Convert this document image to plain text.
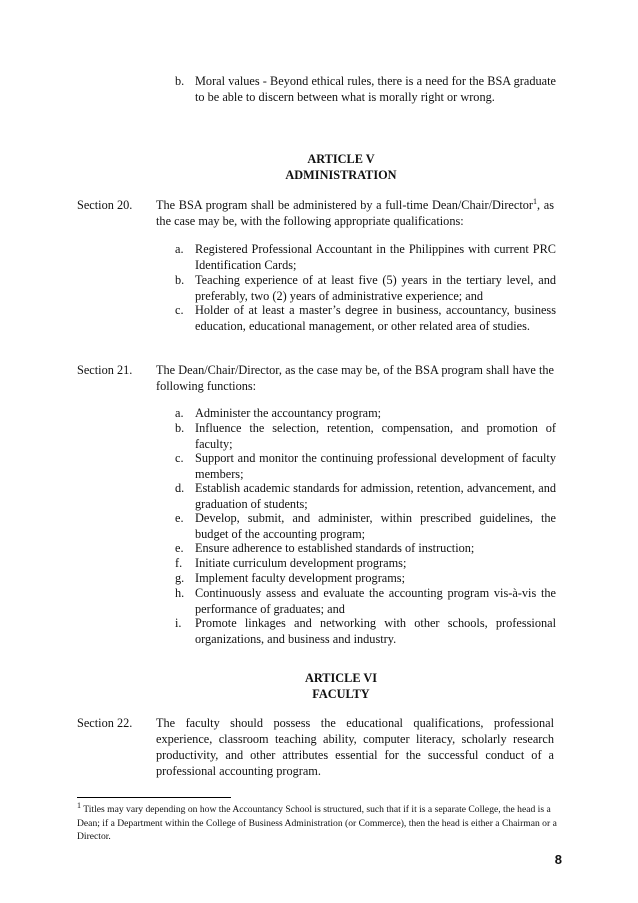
b. Moral values - Beyond ethical rules, there is a need for the BSA graduate to be able to discern between what is morally right or wrong.
ARTICLE V
ADMINISTRATION
Section 20. The BSA program shall be administered by a full-time Dean/Chair/Director$^1$, as the case may be, with the following appropriate qualifications:
a. Registered Professional Accountant in the Philippines with current PRC Identification Cards;
b. Teaching experience of at least five (5) years in the tertiary level, and preferably, two (2) years of administrative experience; and
c. Holder of at least a master’s degree in business, accountancy, business education, educational management, or other related area of studies.
Section 21. The Dean/Chair/Director, as the case may be, of the BSA program shall have the following functions:
a. Administer the accountancy program;
b. Influence the selection, retention, compensation, and promotion of faculty;
c. Support and monitor the continuing professional development of faculty members;
d. Establish academic standards for admission, retention, advancement, and graduation of students;
e. Develop, submit, and administer, within prescribed guidelines, the budget of the accounting program;
e. Ensure adherence to established standards of instruction;
f.	Initiate curriculum development programs;
g. Implement faculty development programs;
h. Continuously assess and evaluate the accounting program vis-à-vis the performance of graduates; and
i.	Promote linkages and networking with other schools, professional organizations, and business and industry.
ARTICLE VI
FACULTY
Section 22. The faculty should possess the educational qualifications, professional experience, classroom teaching ability, computer literacy, scholarly research productivity, and other attributes essential for the successful conduct of a professional accounting program.
$^1$ Titles may vary depending on how the Accountancy School is structured, such that if it is a separate College, the head is a Dean; if a Department within the College of Business Administration (or Commerce), then the head is either a Chairman or a Director.
8
